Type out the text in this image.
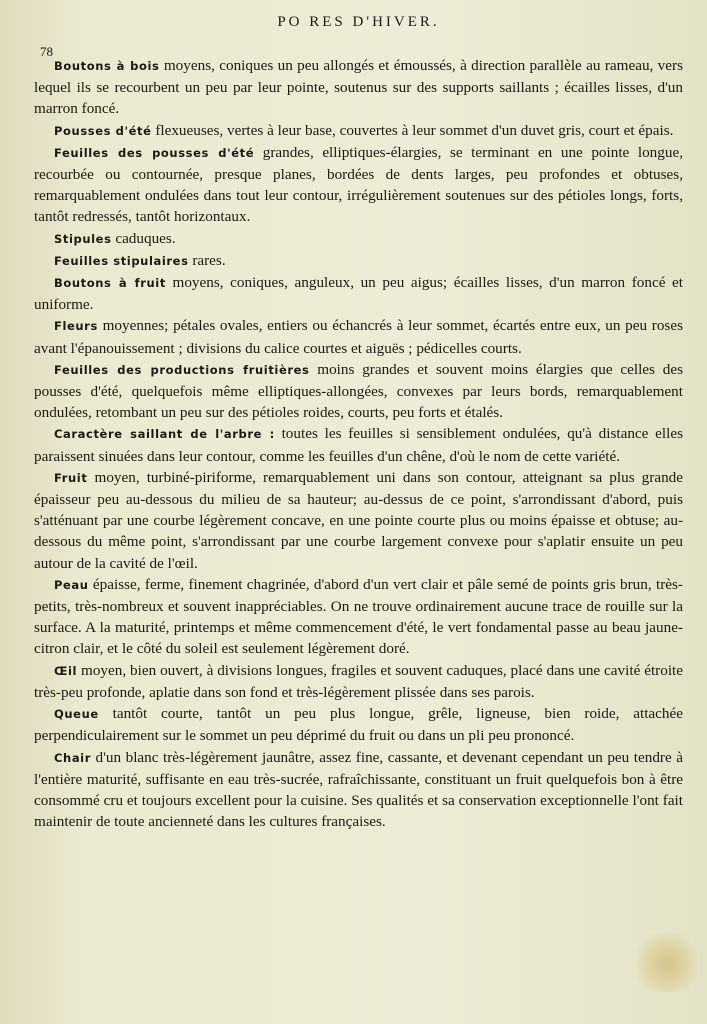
PO RES D'HIVER.
78

Boutons à bois moyens, coniques un peu allongés et émoussés, à direction parallèle au rameau, vers lequel ils se recourbent un peu par leur pointe, soutenus sur des supports saillants ; écailles lisses, d'un marron foncé.

Pousses d'été flexueuses, vertes à leur base, couvertes à leur sommet d'un duvet gris, court et épais.

Feuilles des pousses d'été grandes, elliptiques-élargies, se terminant en une pointe longue, recourbée ou contournée, presque planes, bordées de dents larges, peu profondes et obtuses, remarquablement ondulées dans tout leur contour, irrégulièrement soutenues sur des pétioles longs, forts, tantôt redressés, tantôt horizontaux.

Stipules caduques.

Feuilles stipulaires rares.

Boutons à fruit moyens, coniques, anguleux, un peu aigus; écailles lisses, d'un marron foncé et uniforme.

Fleurs moyennes; pétales ovales, entiers ou échancrés à leur sommet, écartés entre eux, un peu roses avant l'épanouissement ; divisions du calice courtes et aiguës ; pédicelles courts.

Feuilles des productions fruitières moins grandes et souvent moins élargies que celles des pousses d'été, quelquefois même elliptiques-allongées, convexes par leurs bords, remarquablement ondulées, retombant un peu sur des pétioles roides, courts, peu forts et étalés.

Caractère saillant de l'arbre : toutes les feuilles si sensiblement ondulées, qu'à distance elles paraissent sinuées dans leur contour, comme les feuilles d'un chêne, d'où le nom de cette variété.

Fruit moyen, turbiné-piriforme, remarquablement uni dans son contour, atteignant sa plus grande épaisseur peu au-dessous du milieu de sa hauteur; au-dessus de ce point, s'arrondissant d'abord, puis s'atténuant par une courbe légèrement concave, en une pointe courte plus ou moins épaisse et obtuse; au-dessous du même point, s'arrondissant par une courbe largement convexe pour s'aplatir ensuite un peu autour de la cavité de l'œil.

Peau épaisse, ferme, finement chagrinée, d'abord d'un vert clair et pâle semé de points gris brun, très-petits, très-nombreux et souvent inappréciables. On ne trouve ordinairement aucune trace de rouille sur la surface. A la maturité, printemps et même commencement d'été, le vert fondamental passe au beau jaune-citron clair, et le côté du soleil est seulement légèrement doré.

Œil moyen, bien ouvert, à divisions longues, fragiles et souvent caduques, placé dans une cavité étroite très-peu profonde, aplatie dans son fond et très-légèrement plissée dans ses parois.

Queue tantôt courte, tantôt un peu plus longue, grêle, ligneuse, bien roide, attachée perpendiculairement sur le sommet un peu déprimé du fruit ou dans un pli peu prononcé.

Chair d'un blanc très-légèrement jaunâtre, assez fine, cassante, et devenant cependant un peu tendre à l'entière maturité, suffisante en eau très-sucrée, rafraîchissante, constituant un fruit quelquefois bon à être consommé cru et toujours excellent pour la cuisine. Ses qualités et sa conservation exceptionnelle l'ont fait maintenir de toute ancienneté dans les cultures françaises.
